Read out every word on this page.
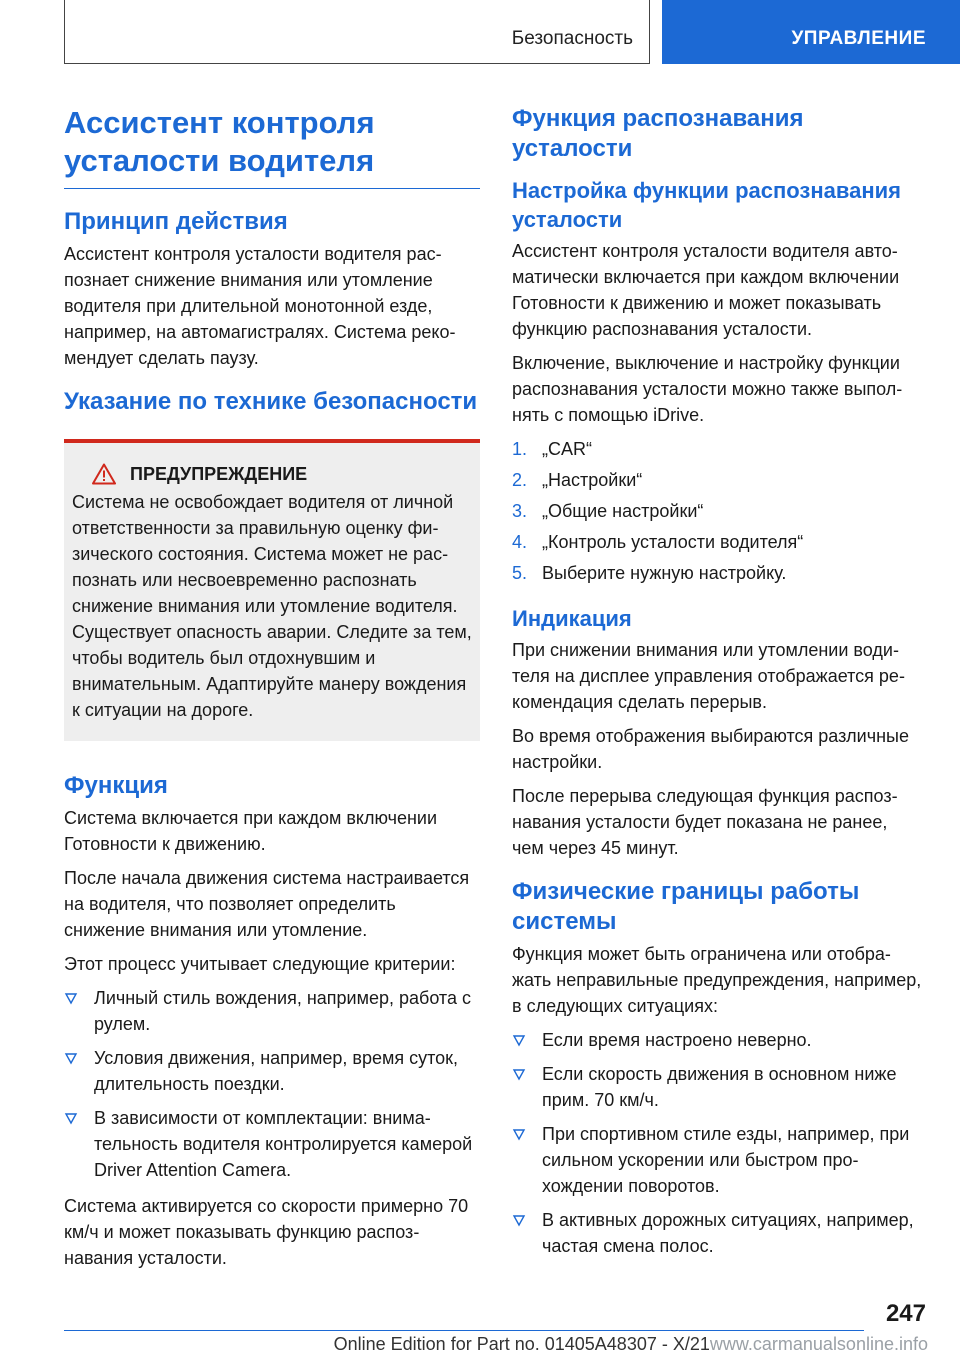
Безопасность	УПРАВЛЕНИЕ
Ассистент контроля усталости водителя
Принцип действия

Ассистент контроля усталости водителя распознает снижение внимания или утомление водителя при длительной монотонной езде, например, на автомагистралях. Система рекомендует сделать паузу.

Указание по технике безопасности
ПРЕДУПРЕЖДЕНИЕ

Система не освобождает водителя от личной ответственности за правильную оценку физического состояния. Система может не распознать или несвоевременно распознать снижение внимания или утомление водителя. Существует опасность аварии. Следите за тем, чтобы водитель был отдохнувшим и внимательным. Адаптируйте манеру вождения к ситуации на дороге.

Функция

Система включается при каждом включении Готовности к движению.

После начала движения система настраивается на водителя, что позволяет определить снижение внимания или утомление.

Этот процесс учитывает следующие критерии:

Личный стиль вождения, например, работа с рулем.
Условия движения, например, время суток, длительность поездки.
В зависимости от комплектации: внимательность водителя контролируется камерой Driver Attention Camera.

Система активируется со скорости примерно 70 км/ч и может показывать функцию распознавания усталости.

Функция распознавания усталости
Настройка функции распознавания усталости

Ассистент контроля усталости водителя автоматически включается при каждом включении Готовности к движению и может показывать функцию распознавания усталости.

Включение, выключение и настройку функции распознавания усталости можно также выполнять с помощью iDrive.

1. „CAR“
2. „Настройки“
3. „Общие настройки“
4. „Контроль усталости водителя“
5. Выберите нужную настройку.
Индикация

При снижении внимания или утомлении водителя на дисплее управления отображается рекомендация сделать перерыв.

Во время отображения выбираются различные настройки.

После перерыва следующая функция распознавания усталости будет показана не ранее, чем через 45 минут.

Физические границы работы системы

Функция может быть ограничена или отображать неправильные предупреждения, например, в следующих ситуациях:

Если время настроено неверно.
Если скорость движения в основном ниже прим. 70 км/ч.
При спортивном стиле езды, например, при сильном ускорении или быстром прохождении поворотов.
В активных дорожных ситуациях, например, частая смена полос.
247
Online Edition for Part no. 01405A48307 - X/21www.carmanualsonline.info
